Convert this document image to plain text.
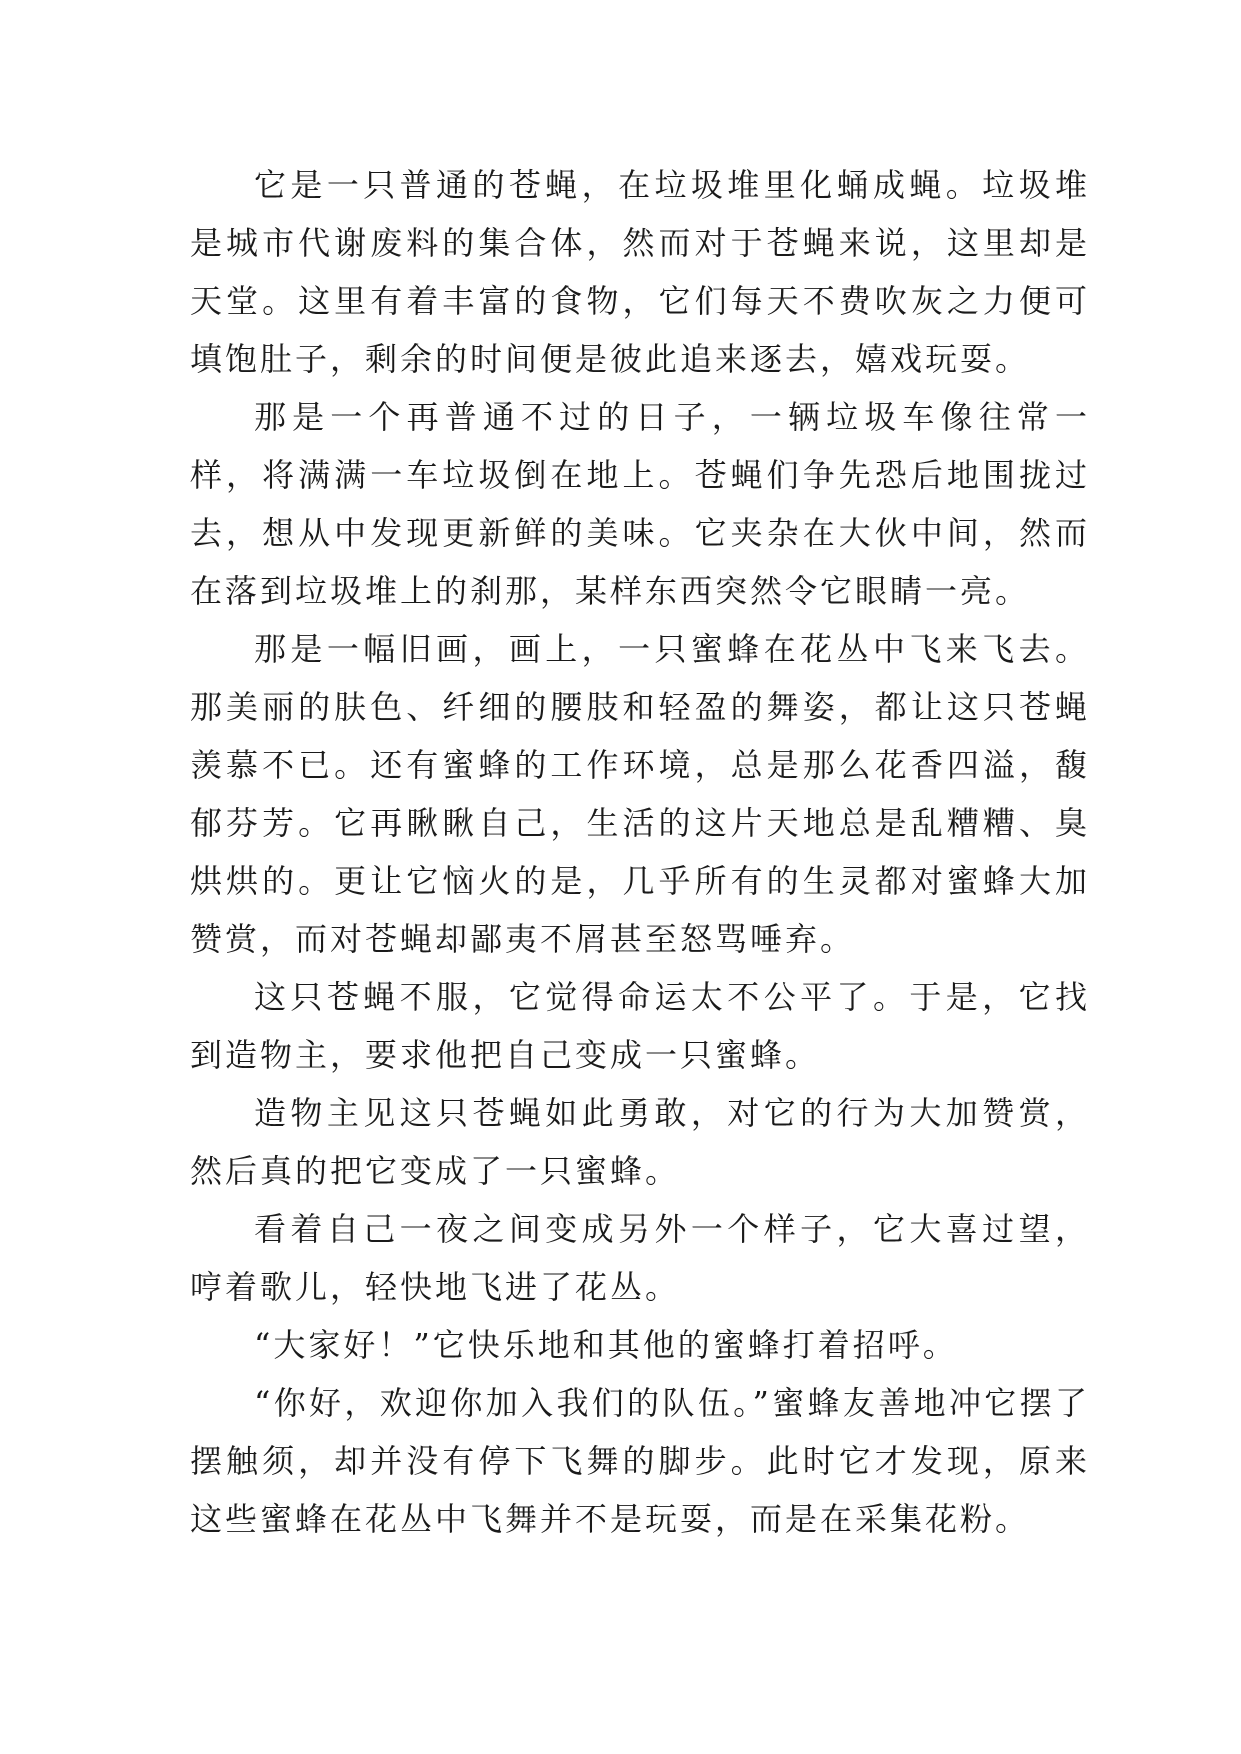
它是一只普通的苍蝇，在垃圾堆里化蛹成蝇。垃圾堆是城市代谢废料的集合体，然而对于苍蝇来说，这里却是天堂。这里有着丰富的食物，它们每天不费吹灰之力便可填饱肚子，剩余的时间便是彼此追来逐去，嬉戏玩耍。

那是一个再普通不过的日子，一辆垃圾车像往常一样，将满满一车垃圾倒在地上。苍蝇们争先恐后地围拢过去，想从中发现更新鲜的美味。它夹杂在大伙中间，然而在落到垃圾堆上的刹那，某样东西突然令它眼睛一亮。

那是一幅旧画，画上，一只蜜蜂在花丛中飞来飞去。那美丽的肤色、纤细的腰肢和轻盈的舞姿，都让这只苍蝇羡慕不已。还有蜜蜂的工作环境，总是那么花香四溢，馥郁芬芳。它再瞅瞅自己，生活的这片天地总是乱糟糟、臭烘烘的。更让它恼火的是，几乎所有的生灵都对蜜蜂大加赞赏，而对苍蝇却鄙夷不屑甚至怒骂唾弃。

这只苍蝇不服，它觉得命运太不公平了。于是，它找到造物主，要求他把自己变成一只蜜蜂。

造物主见这只苍蝇如此勇敢，对它的行为大加赞赏，然后真的把它变成了一只蜜蜂。

看着自己一夜之间变成另外一个样子，它大喜过望，哼着歌儿，轻快地飞进了花丛。

“大家好！”它快乐地和其他的蜜蜂打着招呼。

“你好，欢迎你加入我们的队伍。”蜜蜂友善地冲它摆了摆触须，却并没有停下飞舞的脚步。此时它才发现，原来这些蜜蜂在花丛中飞舞并不是玩耍，而是在采集花粉。
